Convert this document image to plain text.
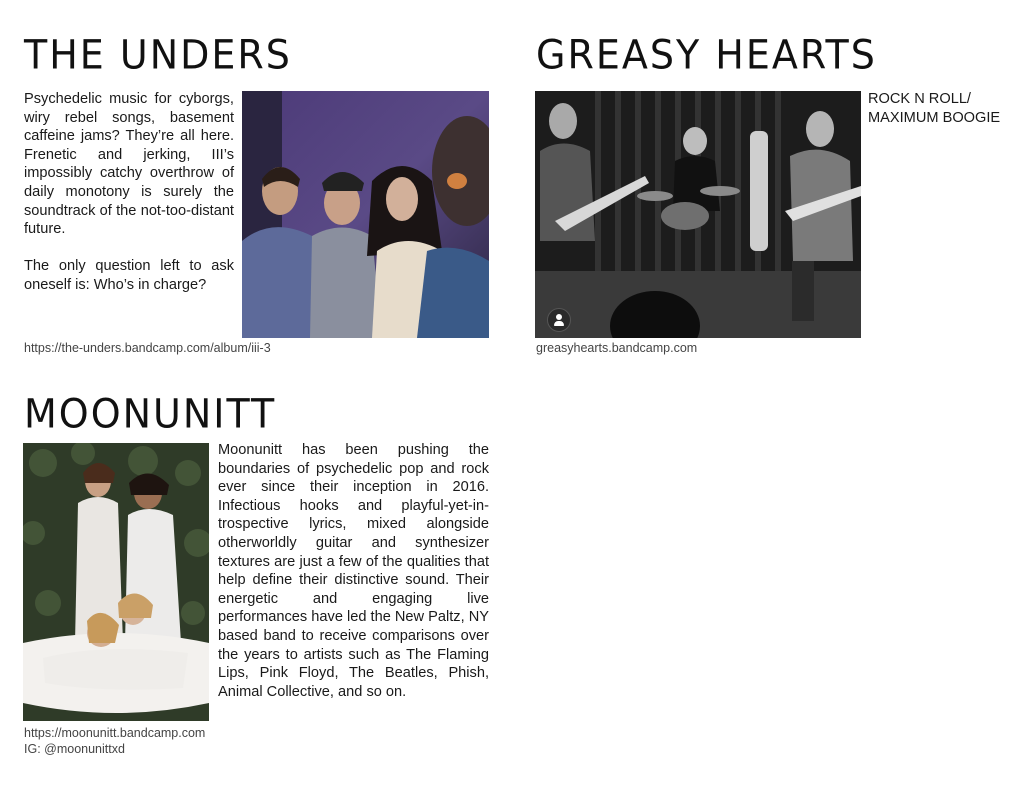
THE UNDERS

Psychedelic music for cyborgs, wiry rebel songs, basement caffeine jams? They’re all here. Frenetic and jerking, III’s impossibly catchy overthrow of daily monotony is surely the soundtrack of the not-too-distant future.

The only question left to ask oneself is: Who’s in charge?

https://the-unders.bandcamp.com/album/iii-3

GREASY HEARTS

ROCK N ROLL/ MAXIMUM BOOGIE

greasyhearts.bandcamp.com

MOONUNITT

Moonunitt has been pushing the boundaries of psychedelic pop and rock ever since their inception in 2016. Infectious hooks and playful-yet-introspective lyrics, mixed alongside otherworldly guitar and synthesizer textures are just a few of the qualities that help define their distinctive sound. Their energetic and engaging live performances have led the New Paltz, NY based band to receive comparisons over the years to artists such as The Flaming Lips, Pink Floyd, The Beatles, Phish, Animal Collective, and so on.

https://moonunitt.bandcamp.com

IG: @moonunittxd
